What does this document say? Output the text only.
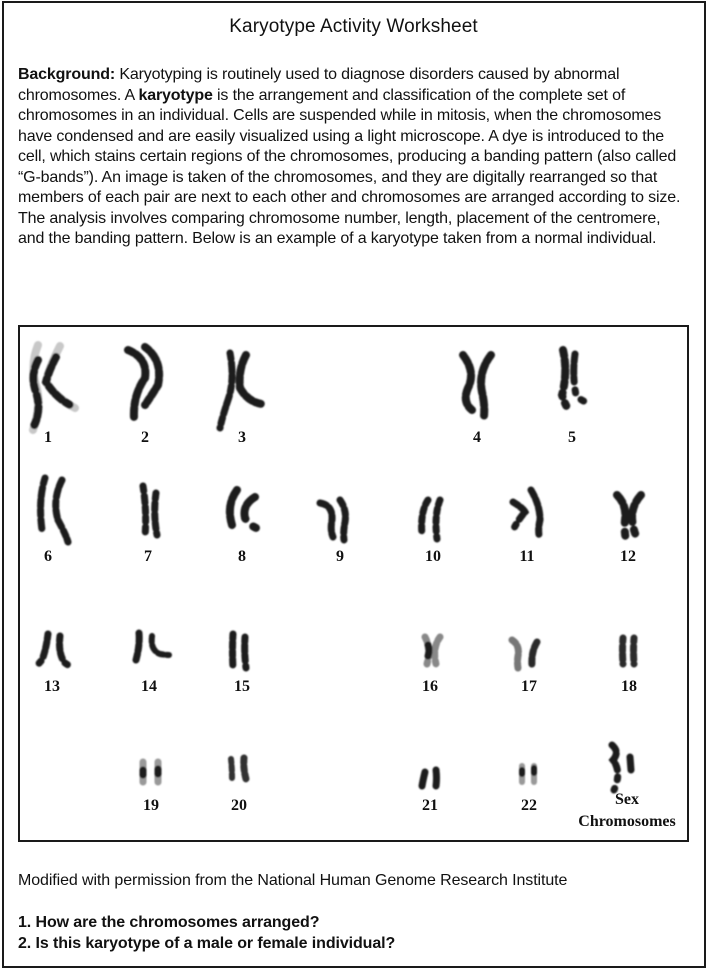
Karyotype Activity Worksheet
Background: Karyotyping is routinely used to diagnose disorders caused by abnormal chromosomes. A karyotype is the arrangement and classification of the complete set of chromosomes in an individual. Cells are suspended while in mitosis, when the chromosomes have condensed and are easily visualized using a light microscope. A dye is introduced to the cell, which stains certain regions of the chromosomes, producing a banding pattern (also called “G-bands”). An image is taken of the chromosomes, and they are digitally rearranged so that members of each pair are next to each other and chromosomes are arranged according to size. The analysis involves comparing chromosome number, length, placement of the centromere, and the banding pattern. Below is an example of a karyotype taken from a normal individual.
1	2	3	4	5
6	7	8	9	10	11	12
13	14	15	16	17	18
19	20	21	22	Sex
Chromosomes
Modified with permission from the National Human Genome Research Institute
1. How are the chromosomes arranged?
2. Is this karyotype of a male or female individual?
